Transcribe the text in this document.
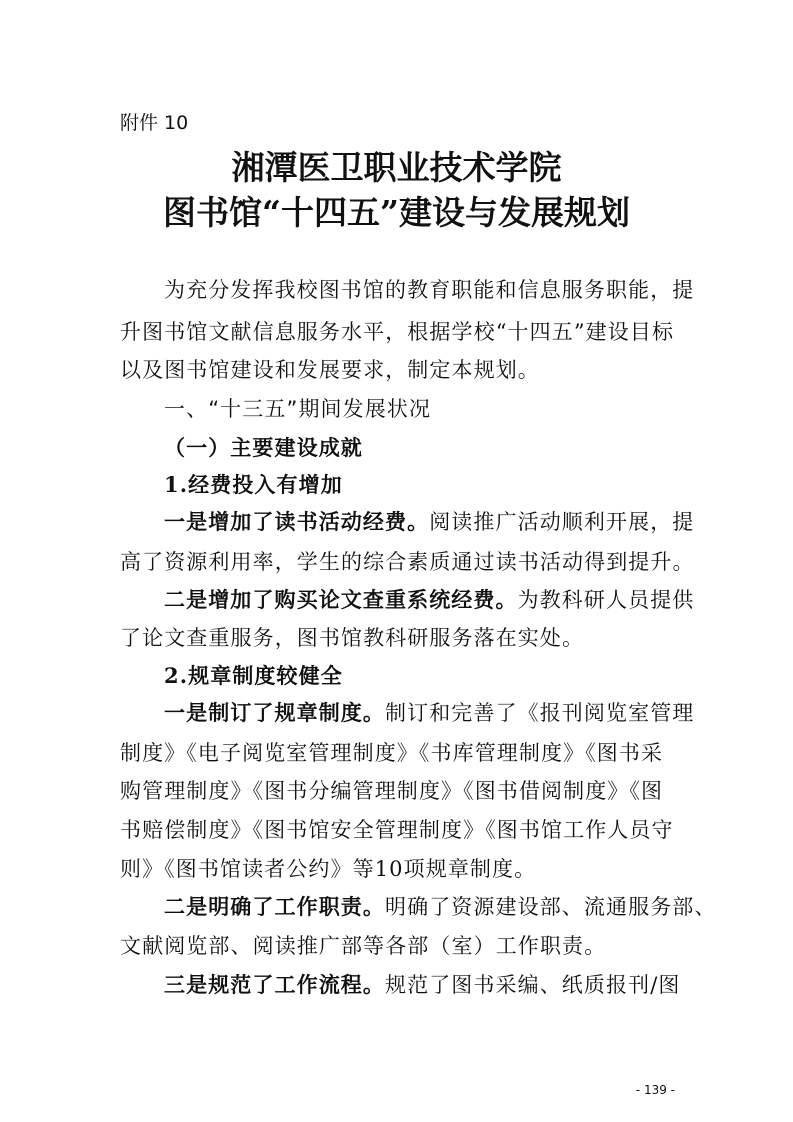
附件 10
湘潭医卫职业技术学院
图书馆“十四五”建设与发展规划
为充分发挥我校图书馆的教育职能和信息服务职能，提
升图书馆文献信息服务水平，根据学校“十四五”建设目标
以及图书馆建设和发展要求，制定本规划。
一、“十三五”期间发展状况
（一）主要建设成就
1.经费投入有增加
一是增加了读书活动经费。阅读推广活动顺利开展，提
高了资源利用率，学生的综合素质通过读书活动得到提升。
二是增加了购买论文查重系统经费。为教科研人员提供
了论文查重服务，图书馆教科研服务落在实处。
2.规章制度较健全
一是制订了规章制度。制订和完善了《报刊阅览室管理
制度》《电子阅览室管理制度》《书库管理制度》《图书采
购管理制度》《图书分编管理制度》《图书借阅制度》《图
书赔偿制度》《图书馆安全管理制度》《图书馆工作人员守
则》《图书馆读者公约》等10项规章制度。
二是明确了工作职责。明确了资源建设部、流通服务部、
文献阅览部、阅读推广部等各部（室）工作职责。
三是规范了工作流程。规范了图书采编、纸质报刊/图
- 139 -
